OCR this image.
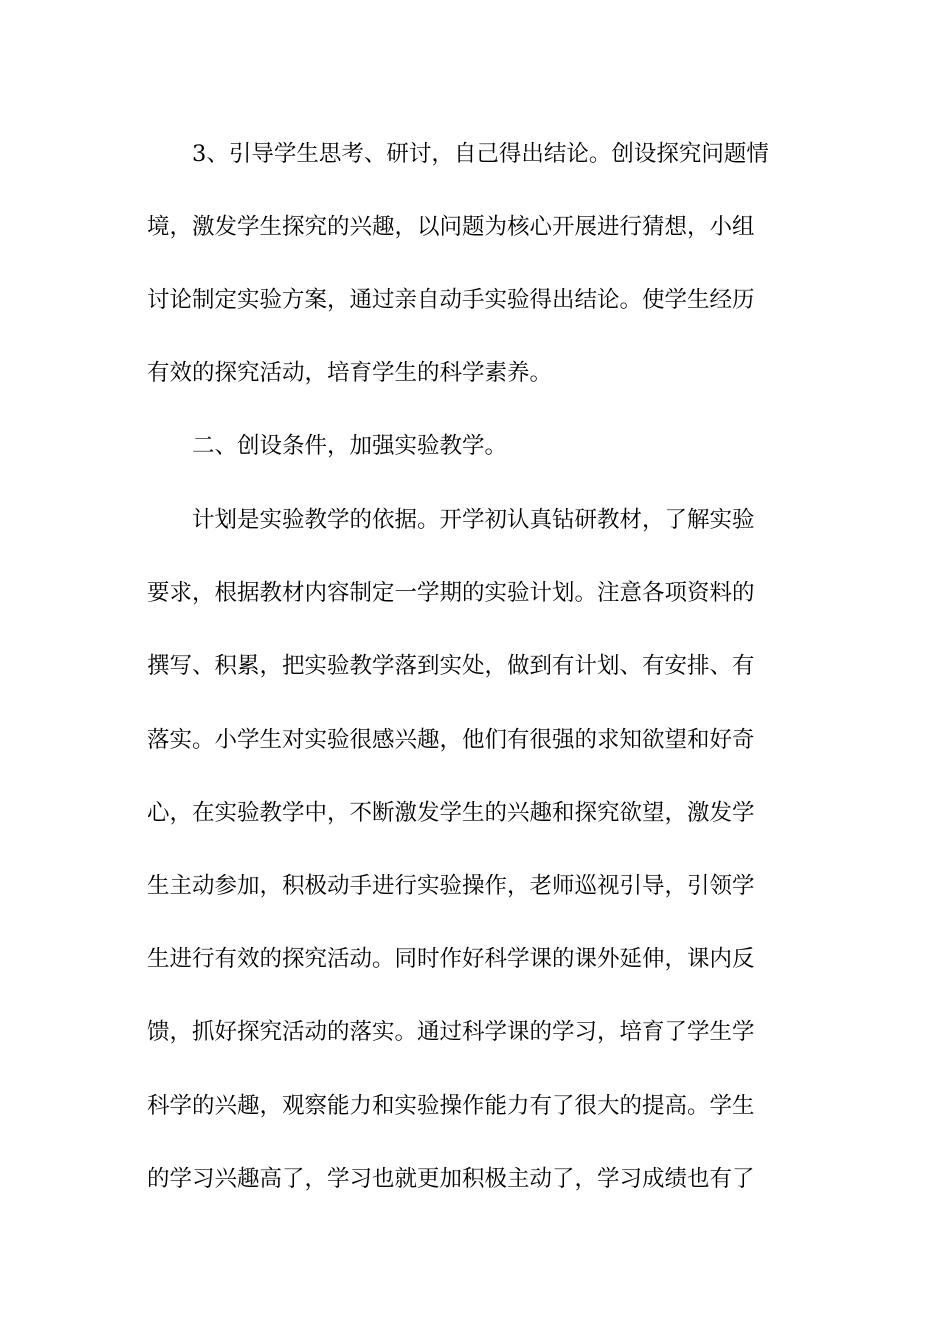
3、引导学生思考、研讨，自己得出结论。创设探究问题情
境，激发学生探究的兴趣，以问题为核心开展进行猜想，小组
讨论制定实验方案，通过亲自动手实验得出结论。使学生经历
有效的探究活动，培育学生的科学素养。
二、创设条件，加强实验教学。
计划是实验教学的依据。开学初认真钻研教材，了解实验
要求，根据教材内容制定一学期的实验计划。注意各项资料的
撰写、积累，把实验教学落到实处，做到有计划、有安排、有
落实。小学生对实验很感兴趣，他们有很强的求知欲望和好奇
心，在实验教学中，不断激发学生的兴趣和探究欲望，激发学
生主动参加，积极动手进行实验操作，老师巡视引导，引领学
生进行有效的探究活动。同时作好科学课的课外延伸，课内反
馈，抓好探究活动的落实。通过科学课的学习，培育了学生学
科学的兴趣，观察能力和实验操作能力有了很大的提高。学生
的学习兴趣高了，学习也就更加积极主动了，学习成绩也有了
